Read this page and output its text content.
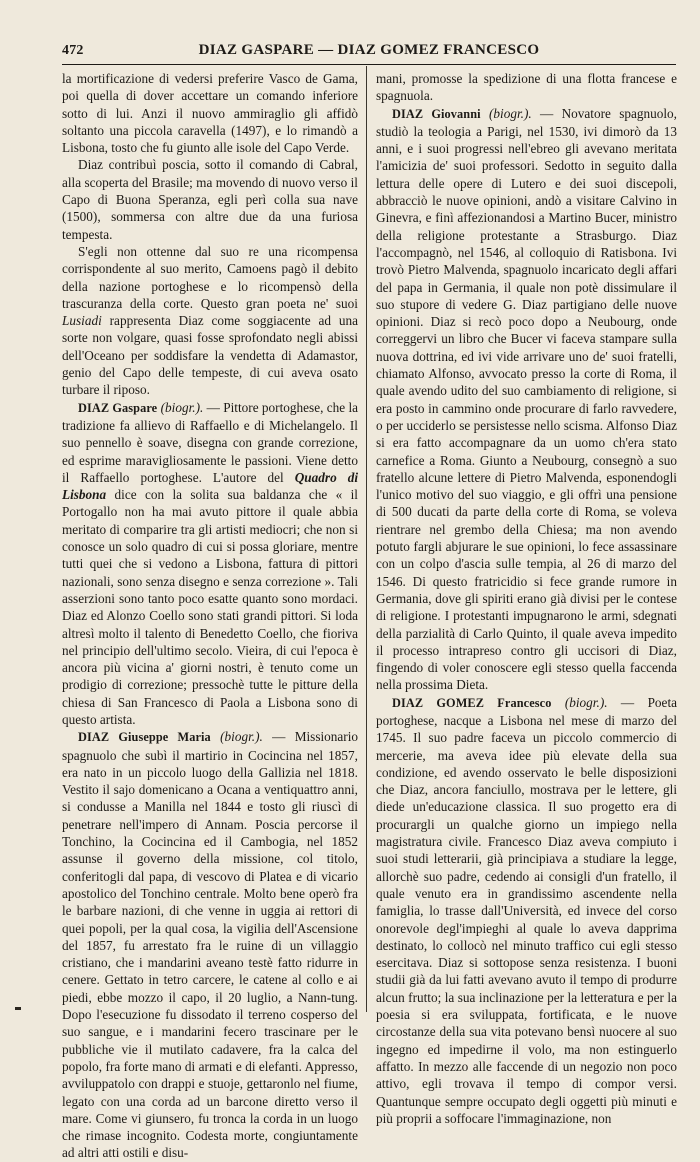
472	DIAZ GASPARE — DIAZ GOMEZ FRANCESCO

la mortificazione di vedersi preferire Vasco de Gama, poi quella di dover accettare un comando inferiore sotto di lui. Anzi il nuovo ammiraglio gli affidò soltanto una piccola caravella (1497), e lo rimandò a Lisbona, tosto che fu giunto alle isole del Capo Verde.

Diaz contribuì poscia, sotto il comando di Cabral, alla scoperta del Brasile; ma movendo di nuovo verso il Capo di Buona Speranza, egli perì colla sua nave (1500), sommersa con altre due da una furiosa tempesta.

S'egli non ottenne dal suo re una ricompensa corrispondente al suo merito, Camoens pagò il debito della nazione portoghese e lo ricompensò della trascuranza della corte. Questo gran poeta ne' suoi Lusiadi rappresenta Diaz come soggiacente ad una sorte non volgare, quasi fosse sprofondato negli abissi dell'Oceano per soddisfare la vendetta di Adamastor, genio del Capo delle tempeste, di cui aveva osato turbare il riposo.

DIAZ Gaspare (biogr.). — Pittore portoghese, che la tradizione fa allievo di Raffaello e di Michelangelo. Il suo pennello è soave, disegna con grande correzione, ed esprime maravigliosamente le passioni. Viene detto il Raffaello portoghese. L'autore del Quadro di Lisbona dice con la solita sua baldanza che « il Portogallo non ha mai avuto pittore il quale abbia meritato di comparire tra gli artisti mediocri; che non si conosce un solo quadro di cui si possa gloriare, mentre tutti quei che si vedono a Lisbona, fattura di pittori nazionali, sono senza disegno e senza correzione ». Tali asserzioni sono tanto poco esatte quanto sono mordaci. Diaz ed Alonzo Coello sono stati grandi pittori. Si loda altresì molto il talento di Benedetto Coello, che fioriva nel principio dell'ultimo secolo. Vieira, di cui l'epoca è ancora più vicina a' giorni nostri, è tenuto come un prodigio di correzione; pressochè tutte le pitture della chiesa di San Francesco di Paola a Lisbona sono di questo artista.

DIAZ Giuseppe Maria (biogr.). — Missionario spagnuolo che subì il martirio in Cocincina nel 1857, era nato in un piccolo luogo della Gallizia nel 1818. Vestito il sajo domenicano a Ocana a ventiquattro anni, si condusse a Manilla nel 1844 e tosto gli riuscì di penetrare nell'impero di Annam. Poscia percorse il Tonchino, la Cocincina ed il Cambogia, nel 1852 assunse il governo della missione, col titolo, conferitogli dal papa, di vescovo di Platea e di vicario apostolico del Tonchino centrale. Molto bene operò fra le barbare nazioni, di che venne in uggia ai rettori di quei popoli, per la qual cosa, la vigilia dell'Ascensione del 1857, fu arrestato fra le ruine di un villaggio cristiano, che i mandarini aveano testè fatto ridurre in cenere. Gettato in tetro carcere, le catene al collo e ai piedi, ebbe mozzo il capo, il 20 luglio, a Nann-tung. Dopo l'esecuzione fu dissodato il terreno cosperso del suo sangue, e i mandarini fecero trascinare per le pubbliche vie il mutilato cadavere, fra la calca del popolo, fra forte mano di armati e di elefanti. Appresso, avviluppatolo con drappi e stuoje, gettaronlo nel fiume, legato con una corda ad un barcone diretto verso il mare. Come vi giunsero, fu tronca la corda in un luogo che rimase incognito. Codesta morte, congiuntamente ad altri atti ostili e disu-

mani, promosse la spedizione di una flotta francese e spagnuola.

DIAZ Giovanni (biogr.). — Novatore spagnuolo, studiò la teologia a Parigi, nel 1530, ivi dimorò da 13 anni, e i suoi progressi nell'ebreo gli avevano meritata l'amicizia de' suoi professori. Sedotto in seguito dalla lettura delle opere di Lutero e dei suoi discepoli, abbracciò le nuove opinioni, andò a visitare Calvino in Ginevra, e finì affezionandosi a Martino Bucer, ministro della religione protestante a Strasburgo. Diaz l'accompagnò, nel 1546, al colloquio di Ratisbona. Ivi trovò Pietro Malvenda, spagnuolo incaricato degli affari del papa in Germania, il quale non potè dissimulare il suo stupore di vedere G. Diaz partigiano delle nuove opinioni. Diaz si recò poco dopo a Neubourg, onde correggervi un libro che Bucer vi faceva stampare sulla nuova dottrina, ed ivi vide arrivare uno de' suoi fratelli, chiamato Alfonso, avvocato presso la corte di Roma, il quale avendo udito del suo cambiamento di religione, si era posto in cammino onde procurare di farlo ravvedere, o per ucciderlo se persistesse nello scisma. Alfonso Diaz si era fatto accompagnare da un uomo ch'era stato carnefice a Roma. Giunto a Neubourg, consegnò a suo fratello alcune lettere di Pietro Malvenda, esponendogli l'unico motivo del suo viaggio, e gli offrì una pensione di 500 ducati da parte della corte di Roma, se voleva rientrare nel grembo della Chiesa; ma non avendo potuto fargli abjurare le sue opinioni, lo fece assassinare con un colpo d'ascia sulle tempia, al 26 di marzo del 1546. Di questo fratricidio si fece grande rumore in Germania, dove gli spiriti erano già divisi per le contese di religione. I protestanti impugnarono le armi, sdegnati della parzialità di Carlo Quinto, il quale aveva impedito il processo intrapreso contro gli uccisori di Diaz, fingendo di voler conoscere egli stesso quella faccenda nella prossima Dieta.

DIAZ GOMEZ Francesco (biogr.). — Poeta portoghese, nacque a Lisbona nel mese di marzo del 1745. Il suo padre faceva un piccolo commercio di mercerie, ma aveva idee più elevate della sua condizione, ed avendo osservato le belle disposizioni che Diaz, ancora fanciullo, mostrava per le lettere, gli diede un'educazione classica. Il suo progetto era di procurargli un qualche giorno un impiego nella magistratura civile. Francesco Diaz aveva compiuto i suoi studi letterarii, già principiava a studiare la legge, allorchè suo padre, cedendo ai consigli d'un fratello, il quale venuto era in grandissimo ascendente nella famiglia, lo trasse dall'Università, ed invece del corso onorevole degl'impieghi al quale lo aveva dapprima destinato, lo collocò nel minuto traffico cui egli stesso esercitava. Diaz si sottopose senza resistenza. I buoni studii già da lui fatti avevano avuto il tempo di produrre alcun frutto; la sua inclinazione per la letteratura e per la poesia si era sviluppata, fortificata, e le nuove circostanze della sua vita potevano bensì nuocere al suo ingegno ed impedirne il volo, ma non estinguerlo affatto. In mezzo alle faccende di un negozio non poco attivo, egli trovava il tempo di compor versi. Quantunque sempre occupato degli oggetti più minuti e più proprii a soffocare l'immaginazione, non
